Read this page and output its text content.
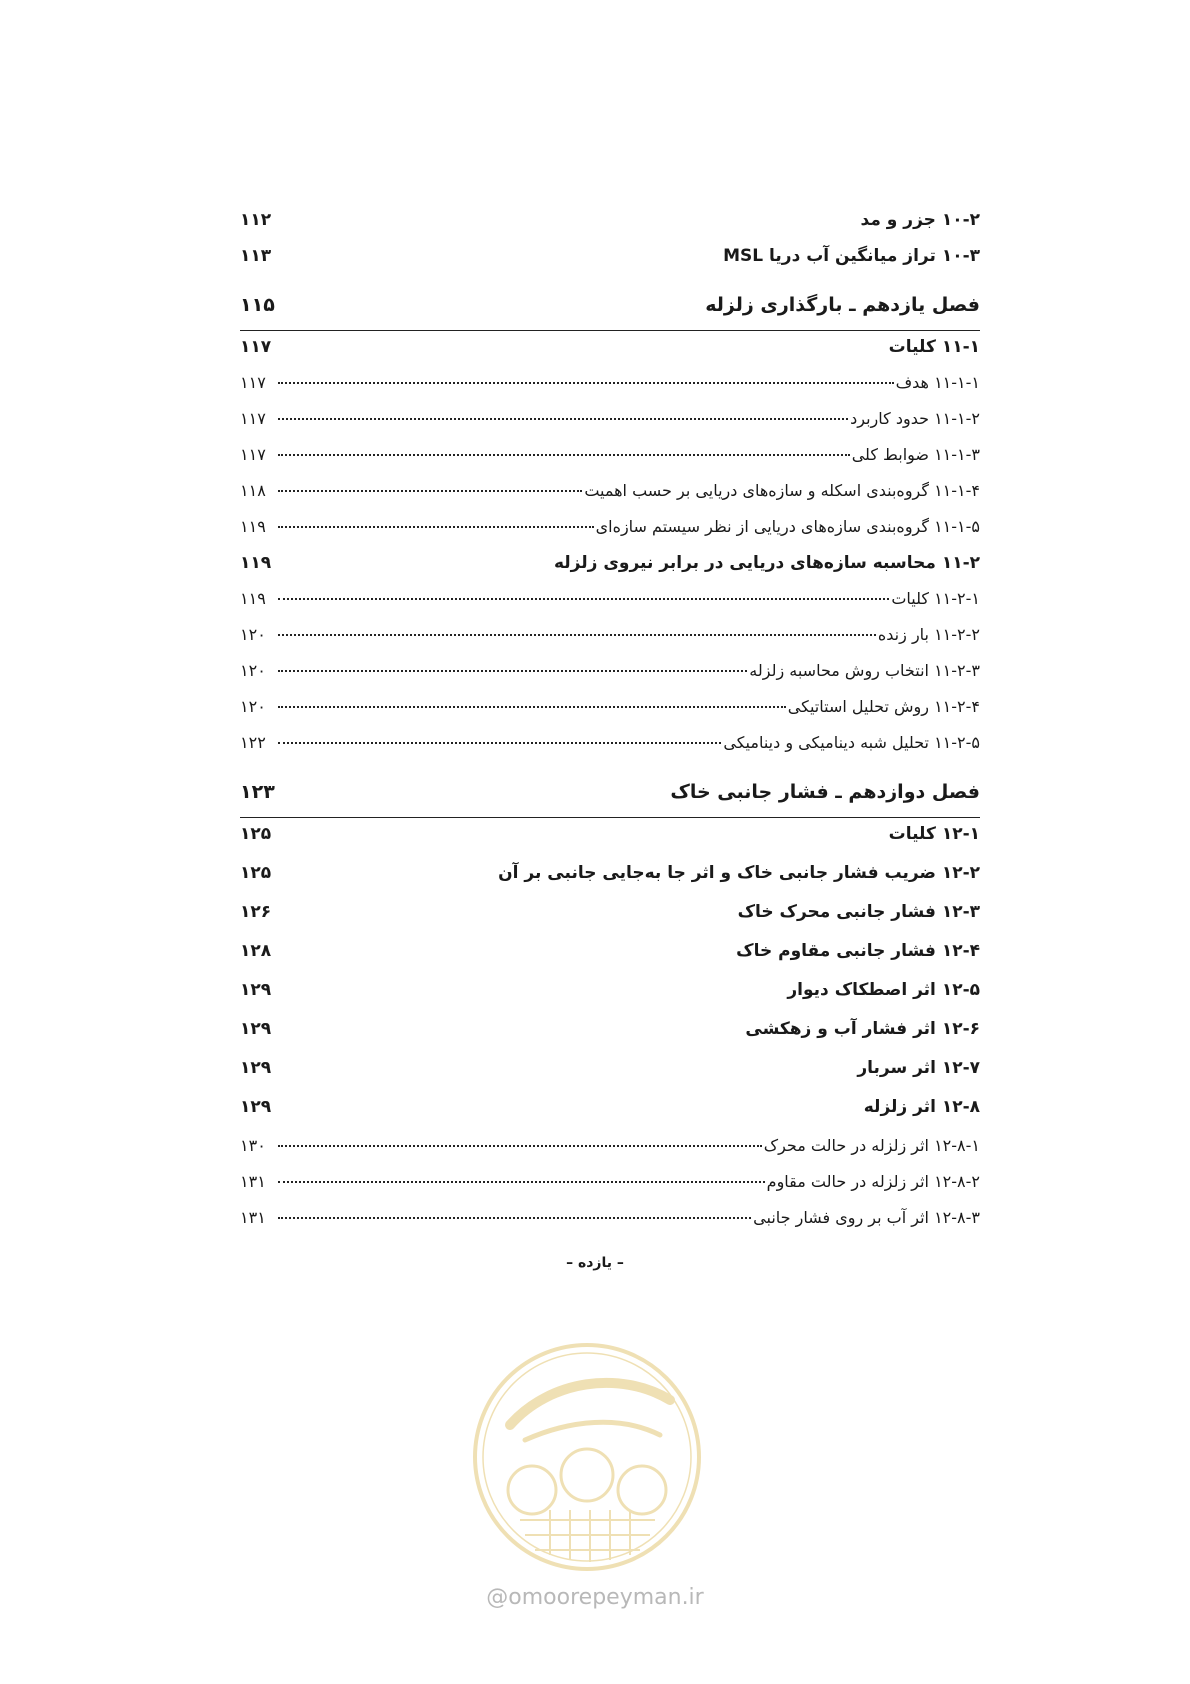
۱۰-۲ جزر و مد
۱۱۲
۱۰-۳ تراز میانگین آب دریا MSL
۱۱۳
فصل یازدهم ـ بارگذاری زلزله
۱۱۵
۱۱-۱ کلیات
۱۱۷
۱۱-۱-۱ هدف
۱۱۷
۱۱-۱-۲ حدود کاربرد
۱۱۷
۱۱-۱-۳ ضوابط کلی
۱۱۷
۱۱-۱-۴ گروه‌بندی اسکله و سازه‌های دریایی بر حسب اهمیت
۱۱۸
۱۱-۱-۵ گروه‌بندی سازه‌های دریایی از نظر سیستم سازه‌ای
۱۱۹
۱۱-۲ محاسبه سازه‌های دریایی در برابر نیروی زلزله
۱۱۹
۱۱-۲-۱ کلیات
۱۱۹
۱۱-۲-۲ بار زنده
۱۲۰
۱۱-۲-۳ انتخاب روش محاسبه زلزله
۱۲۰
۱۱-۲-۴ روش تحلیل استاتیکی
۱۲۰
۱۱-۲-۵ تحلیل شبه دینامیکی و دینامیکی
۱۲۲
فصل دوازدهم ـ فشار جانبی خاک
۱۲۳
۱۲-۱ کلیات
۱۲۵
۱۲-۲ ضریب فشار جانبی خاک و اثر جا به‌جایی جانبی بر آن
۱۲۵
۱۲-۳ فشار جانبی محرک خاک
۱۲۶
۱۲-۴ فشار جانبی مقاوم خاک
۱۲۸
۱۲-۵ اثر اصطکاک دیوار
۱۲۹
۱۲-۶ اثر فشار آب و زهکشی
۱۲۹
۱۲-۷ اثر سربار
۱۲۹
۱۲-۸ اثر زلزله
۱۲۹
۱۲-۸-۱ اثر زلزله در حالت محرک
۱۳۰
۱۲-۸-۲ اثر زلزله در حالت مقاوم
۱۳۱
۱۲-۸-۳ اثر آب بر روی فشار جانبی
۱۳۱
– یازده –
@omoorepeyman.ir
